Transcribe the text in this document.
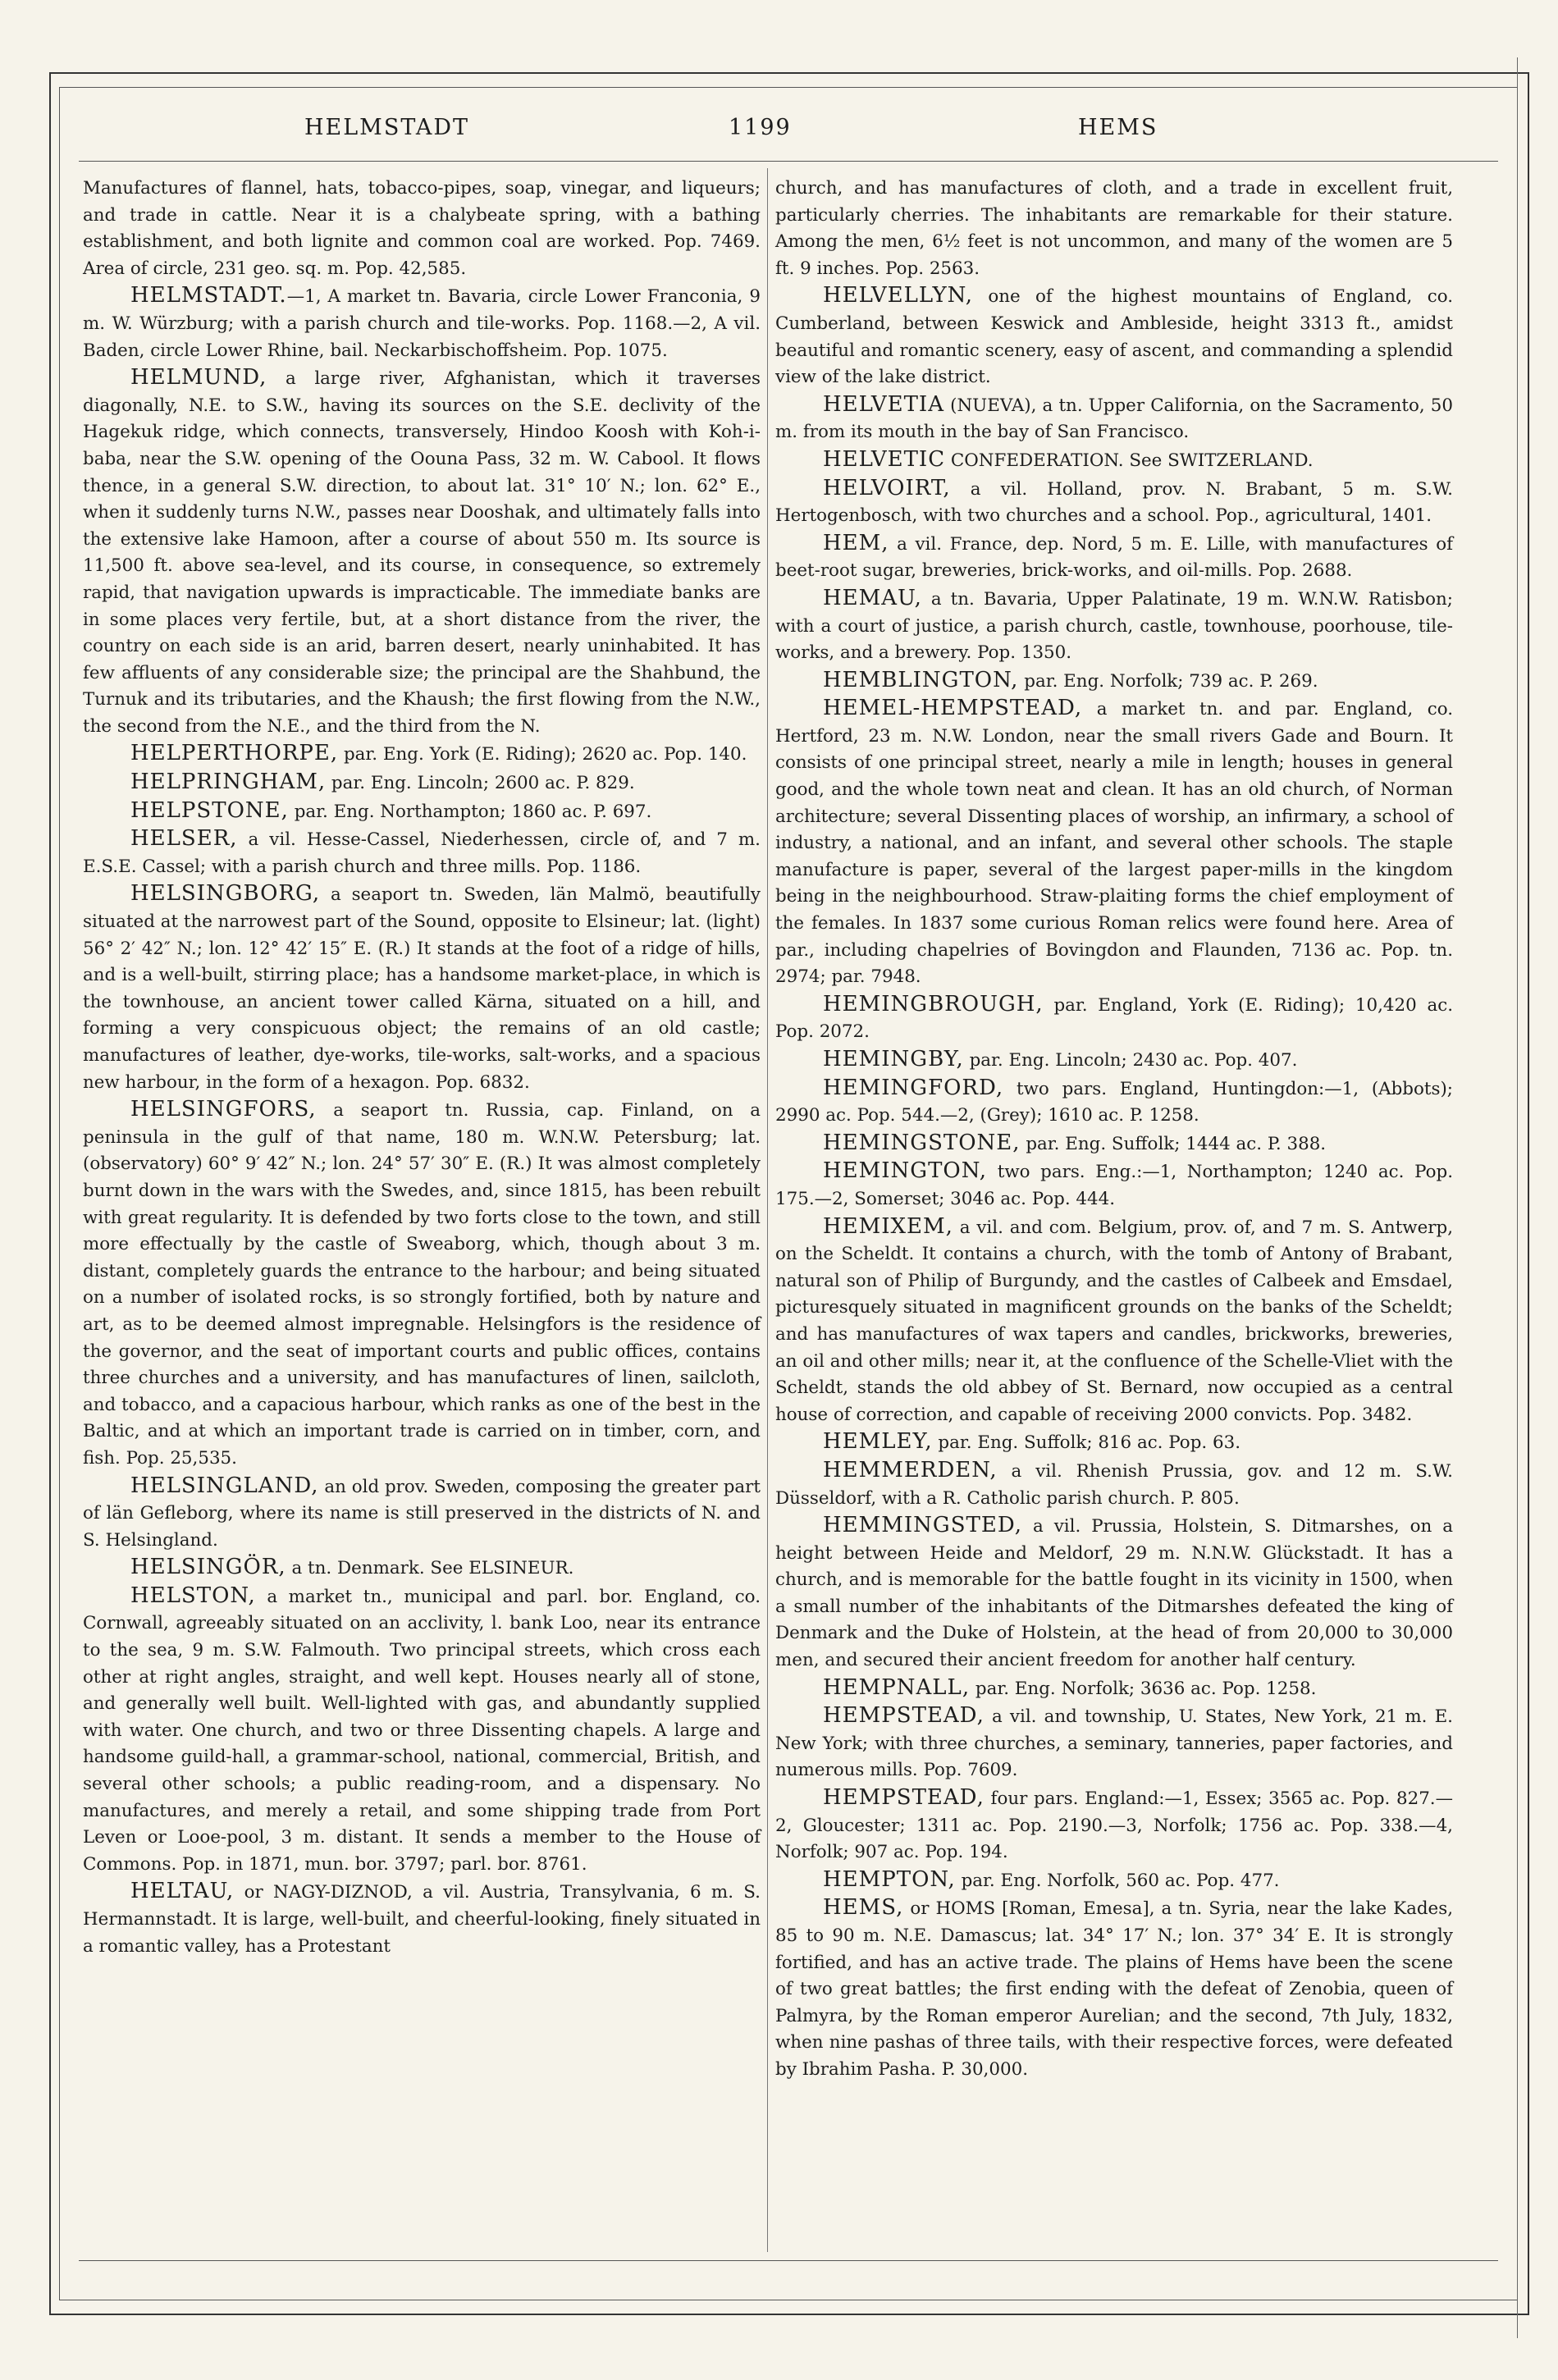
HELMSTADT	1199	HEMS

Manufactures of flannel, hats, tobacco-pipes, soap, vinegar, and liqueurs; and trade in cattle. Near it is a chalybeate spring, with a bathing establishment, and both lignite and common coal are worked. Pop. 7469. Area of circle, 231 geo. sq. m. Pop. 42,585.

HELMSTADT.—1, A market tn. Bavaria, circle Lower Franconia, 9 m. W. Würzburg; with a parish church and tile-works. Pop. 1168.—2, A vil. Baden, circle Lower Rhine, bail. Neckarbischoffsheim. Pop. 1075.

HELMUND, a large river, Afghanistan, which it traverses diagonally, N.E. to S.W., having its sources on the S.E. declivity of the Hagekuk ridge, which connects, transversely, Hindoo Koosh with Koh-i-baba, near the S.W. opening of the Oouna Pass, 32 m. W. Cabool. It flows thence, in a general S.W. direction, to about lat. 31° 10′ N.; lon. 62° E., when it suddenly turns N.W., passes near Dooshak, and ultimately falls into the extensive lake Hamoon, after a course of about 550 m. Its source is 11,500 ft. above sea-level, and its course, in consequence, so extremely rapid, that navigation upwards is impracticable. The immediate banks are in some places very fertile, but, at a short distance from the river, the country on each side is an arid, barren desert, nearly uninhabited. It has few affluents of any considerable size; the principal are the Shahbund, the Turnuk and its tributaries, and the Khaush; the first flowing from the N.W., the second from the N.E., and the third from the N.

HELPERTHORPE, par. Eng. York (E. Riding); 2620 ac. Pop. 140.

HELPRINGHAM, par. Eng. Lincoln; 2600 ac. P. 829.

HELPSTONE, par. Eng. Northampton; 1860 ac. P. 697.

HELSER, a vil. Hesse-Cassel, Niederhessen, circle of, and 7 m. E.S.E. Cassel; with a parish church and three mills. Pop. 1186.

HELSINGBORG, a seaport tn. Sweden, län Malmö, beautifully situated at the narrowest part of the Sound, opposite to Elsineur; lat. (light) 56° 2′ 42″ N.; lon. 12° 42′ 15″ E. (R.) It stands at the foot of a ridge of hills, and is a well-built, stirring place; has a handsome market-place, in which is the townhouse, an ancient tower called Kärna, situated on a hill, and forming a very conspicuous object; the remains of an old castle; manufactures of leather, dye-works, tile-works, salt-works, and a spacious new harbour, in the form of a hexagon. Pop. 6832.

HELSINGFORS, a seaport tn. Russia, cap. Finland, on a peninsula in the gulf of that name, 180 m. W.N.W. Petersburg; lat. (observatory) 60° 9′ 42″ N.; lon. 24° 57′ 30″ E. (R.) It was almost completely burnt down in the wars with the Swedes, and, since 1815, has been rebuilt with great regularity. It is defended by two forts close to the town, and still more effectually by the castle of Sweaborg, which, though about 3 m. distant, completely guards the entrance to the harbour; and being situated on a number of isolated rocks, is so strongly fortified, both by nature and art, as to be deemed almost impregnable. Helsingfors is the residence of the governor, and the seat of important courts and public offices, contains three churches and a university, and has manufactures of linen, sailcloth, and tobacco, and a capacious harbour, which ranks as one of the best in the Baltic, and at which an important trade is carried on in timber, corn, and fish. Pop. 25,535.

HELSINGLAND, an old prov. Sweden, composing the greater part of län Gefleborg, where its name is still preserved in the districts of N. and S. Helsingland.

HELSINGÖR, a tn. Denmark. See ELSINEUR.

HELSTON, a market tn., municipal and parl. bor. England, co. Cornwall, agreeably situated on an acclivity, l. bank Loo, near its entrance to the sea, 9 m. S.W. Falmouth. Two principal streets, which cross each other at right angles, straight, and well kept. Houses nearly all of stone, and generally well built. Well-lighted with gas, and abundantly supplied with water. One church, and two or three Dissenting chapels. A large and handsome guild-hall, a grammar-school, national, commercial, British, and several other schools; a public reading-room, and a dispensary. No manufactures, and merely a retail, and some shipping trade from Port Leven or Looe-pool, 3 m. distant. It sends a member to the House of Commons. Pop. in 1871, mun. bor. 3797; parl. bor. 8761.

HELTAU, or NAGY-DIZNOD, a vil. Austria, Transylvania, 6 m. S. Hermannstadt. It is large, well-built, and cheerful-looking, finely situated in a romantic valley, has a Protestant

church, and has manufactures of cloth, and a trade in excellent fruit, particularly cherries. The inhabitants are remarkable for their stature. Among the men, 6½ feet is not uncommon, and many of the women are 5 ft. 9 inches. Pop. 2563.

HELVELLYN, one of the highest mountains of England, co. Cumberland, between Keswick and Ambleside, height 3313 ft., amidst beautiful and romantic scenery, easy of ascent, and commanding a splendid view of the lake district.

HELVETIA (NUEVA), a tn. Upper California, on the Sacramento, 50 m. from its mouth in the bay of San Francisco.

HELVETIC CONFEDERATION. See SWITZERLAND.

HELVOIRT, a vil. Holland, prov. N. Brabant, 5 m. S.W. Hertogenbosch, with two churches and a school. Pop., agricultural, 1401.

HEM, a vil. France, dep. Nord, 5 m. E. Lille, with manufactures of beet-root sugar, breweries, brick-works, and oil-mills. Pop. 2688.

HEMAU, a tn. Bavaria, Upper Palatinate, 19 m. W.N.W. Ratisbon; with a court of justice, a parish church, castle, townhouse, poorhouse, tile-works, and a brewery. Pop. 1350.

HEMBLINGTON, par. Eng. Norfolk; 739 ac. P. 269.

HEMEL-HEMPSTEAD, a market tn. and par. England, co. Hertford, 23 m. N.W. London, near the small rivers Gade and Bourn. It consists of one principal street, nearly a mile in length; houses in general good, and the whole town neat and clean. It has an old church, of Norman architecture; several Dissenting places of worship, an infirmary, a school of industry, a national, and an infant, and several other schools. The staple manufacture is paper, several of the largest paper-mills in the kingdom being in the neighbourhood. Straw-plaiting forms the chief employment of the females. In 1837 some curious Roman relics were found here. Area of par., including chapelries of Bovingdon and Flaunden, 7136 ac. Pop. tn. 2974; par. 7948.

HEMINGBROUGH, par. England, York (E. Riding); 10,420 ac. Pop. 2072.

HEMINGBY, par. Eng. Lincoln; 2430 ac. Pop. 407.

HEMINGFORD, two pars. England, Huntingdon:—1, (Abbots); 2990 ac. Pop. 544.—2, (Grey); 1610 ac. P. 1258.

HEMINGSTONE, par. Eng. Suffolk; 1444 ac. P. 388.

HEMINGTON, two pars. Eng.:—1, Northampton; 1240 ac. Pop. 175.—2, Somerset; 3046 ac. Pop. 444.

HEMIXEM, a vil. and com. Belgium, prov. of, and 7 m. S. Antwerp, on the Scheldt. It contains a church, with the tomb of Antony of Brabant, natural son of Philip of Burgundy, and the castles of Calbeek and Emsdael, picturesquely situated in magnificent grounds on the banks of the Scheldt; and has manufactures of wax tapers and candles, brickworks, breweries, an oil and other mills; near it, at the confluence of the Schelle-Vliet with the Scheldt, stands the old abbey of St. Bernard, now occupied as a central house of correction, and capable of receiving 2000 convicts. Pop. 3482.

HEMLEY, par. Eng. Suffolk; 816 ac. Pop. 63.

HEMMERDEN, a vil. Rhenish Prussia, gov. and 12 m. S.W. Düsseldorf, with a R. Catholic parish church. P. 805.

HEMMINGSTED, a vil. Prussia, Holstein, S. Ditmarshes, on a height between Heide and Meldorf, 29 m. N.N.W. Glückstadt. It has a church, and is memorable for the battle fought in its vicinity in 1500, when a small number of the inhabitants of the Ditmarshes defeated the king of Denmark and the Duke of Holstein, at the head of from 20,000 to 30,000 men, and secured their ancient freedom for another half century.

HEMPNALL, par. Eng. Norfolk; 3636 ac. Pop. 1258.

HEMPSTEAD, a vil. and township, U. States, New York, 21 m. E. New York; with three churches, a seminary, tanneries, paper factories, and numerous mills. Pop. 7609.

HEMPSTEAD, four pars. England:—1, Essex; 3565 ac. Pop. 827.—2, Gloucester; 1311 ac. Pop. 2190.—3, Norfolk; 1756 ac. Pop. 338.—4, Norfolk; 907 ac. Pop. 194.

HEMPTON, par. Eng. Norfolk, 560 ac. Pop. 477.

HEMS, or HOMS [Roman, Emesa], a tn. Syria, near the lake Kades, 85 to 90 m. N.E. Damascus; lat. 34° 17′ N.; lon. 37° 34′ E. It is strongly fortified, and has an active trade. The plains of Hems have been the scene of two great battles; the first ending with the defeat of Zenobia, queen of Palmyra, by the Roman emperor Aurelian; and the second, 7th July, 1832, when nine pashas of three tails, with their respective forces, were defeated by Ibrahim Pasha. P. 30,000.
